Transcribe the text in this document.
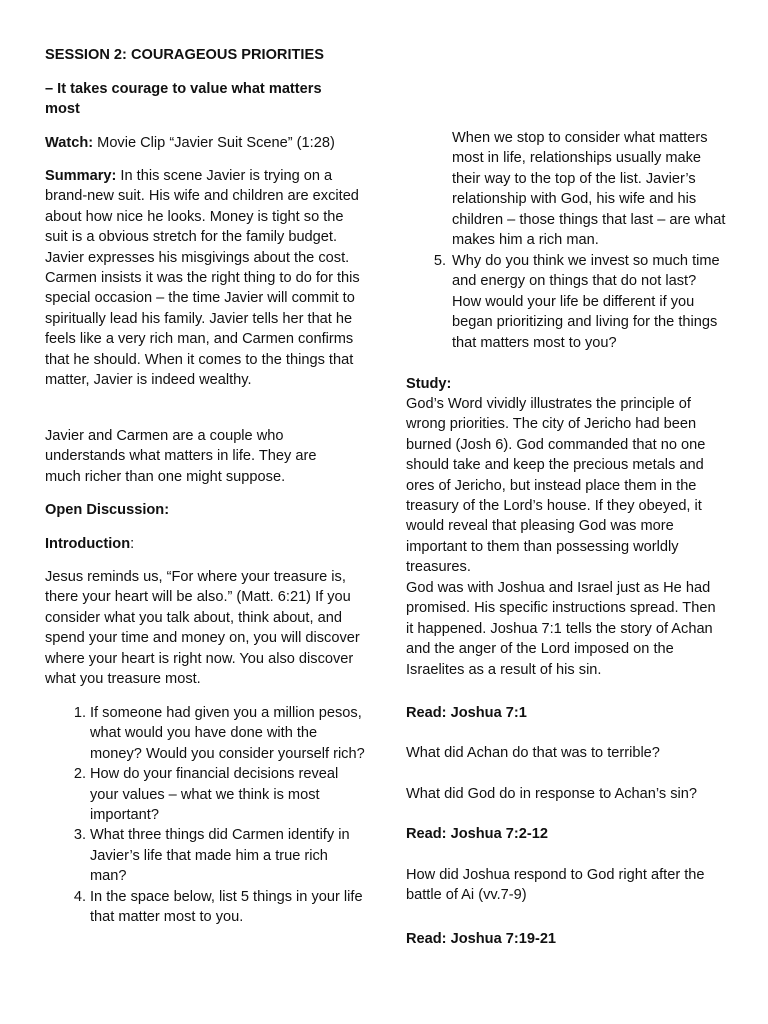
SESSION 2: COURAGEOUS PRIORITIES

– It takes courage to value what matters most

Watch: Movie Clip “Javier Suit Scene” (1:28)

Summary: In this scene Javier is trying on a brand-new suit. His wife and children are excited about how nice he looks. Money is tight so the suit is a obvious stretch for the family budget. Javier expresses his misgivings about the cost. Carmen insists it was the right thing to do for this special occasion – the time Javier will commit to spiritually lead his family. Javier tells her that he feels like a very rich man, and Carmen confirms that he should. When it comes to the things that matter, Javier is indeed wealthy.

Javier and Carmen are a couple who understands what matters in life. They are much richer than one might suppose.

Open Discussion:

Introduction:

Jesus reminds us, “For where your treasure is, there your heart will be also.” (Matt. 6:21) If you consider what you talk about, think about, and spend your time and money on, you will discover where your heart is right now. You also discover what you treasure most.

1. If someone had given you a million pesos, what would you have done with the money? Would you consider yourself rich?
2. How do your financial decisions reveal your values – what we think is most important?
3. What three things did Carmen identify in Javier’s life that made him a true rich man?
4. In the space below, list 5 things in your life that matter most to you.

When we stop to consider what matters most in life, relationships usually make their way to the top of the list. Javier’s relationship with God, his wife and his children – those things that last – are what makes him a rich man.

5. Why do you think we invest so much time and energy on things that do not last?

How would your life be different if you began prioritizing and living for the things that matters most to you?

Study:

God’s Word vividly illustrates the principle of wrong priorities. The city of Jericho had been burned (Josh 6). God commanded that no one should take and keep the precious metals and ores of Jericho, but instead place them in the treasury of the Lord’s house. If they obeyed, it would reveal that pleasing God was more important to them than possessing worldly treasures.

God was with Joshua and Israel just as He had promised. His specific instructions spread. Then it happened. Joshua 7:1 tells the story of Achan and the anger of the Lord imposed on the Israelites as a result of his sin.

Read: Joshua 7:1

What did Achan do that was to terrible?

What did God do in response to Achan’s sin?

Read: Joshua 7:2-12

How did Joshua respond to God right after the battle of Ai (vv.7-9)

Read: Joshua 7:19-21
